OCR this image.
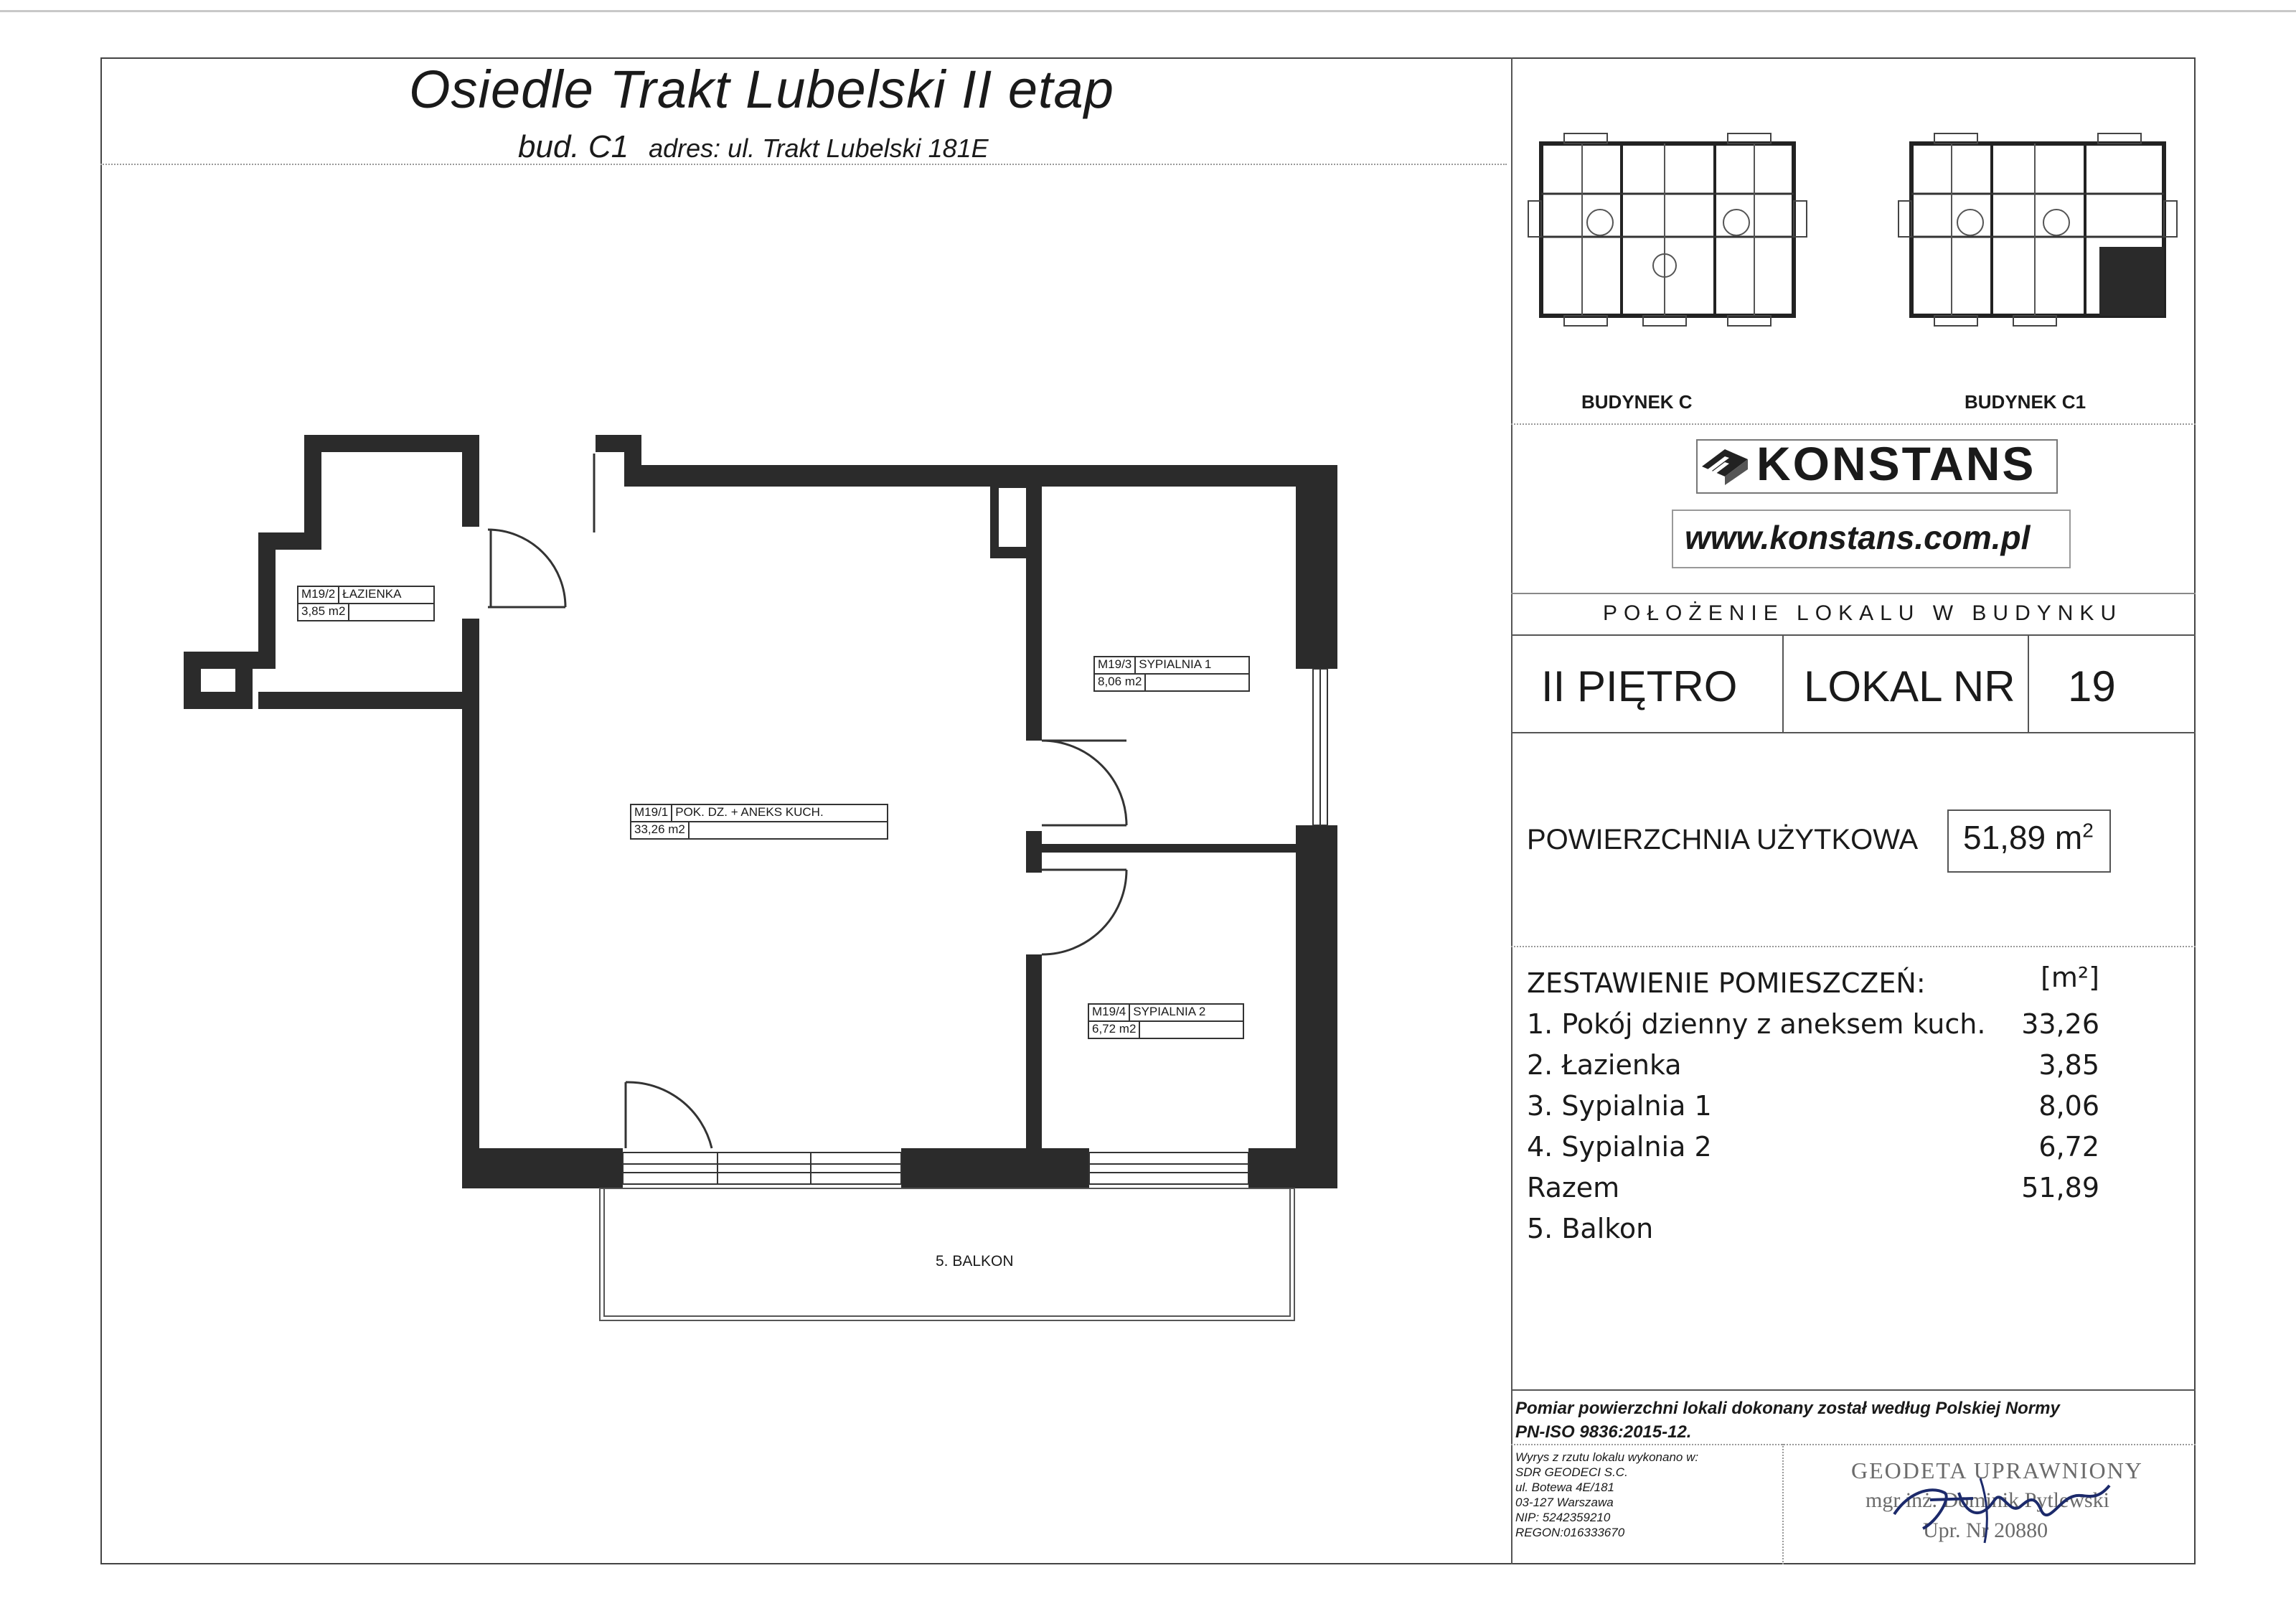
Osiedle Trakt Lubelski II etap
bud. C1 adres: ul. Trakt Lubelski 181E
BUDYNEK C	BUDYNEK C1
KONSTANS
www.konstans.com.pl
POŁOŻENIE LOKALU W BUDYNKU
II PIĘTRO LOKAL NR 19
POWIERZCHNIA UŻYTKOWA 51,89 $m^2$
ZESTAWIENIE POMIESZCZEŃ:	[m²]
1. Pokój dzienny z aneksem kuch.	33,26
2. Łazienka	3,85
3. Sypialnia 1	8,06
4. Sypialnia 2	6,72
Razem	51,89
5. Balkon
Pomiar powierzchni lokali dokonany został według Polskiej Normy
PN-ISO 9836:2015-12.
Wyrys z rzutu lokalu wykonano w:
SDR GEODECI S.C.
ul. Botewa 4E/181
03-127 Warszawa
NIP: 5242359210
REGON:016333670
GEODETA UPRAWNIONY
mgr inż. Dominik Pytlewski
Upr. Nr 20880
M19/2 ŁAZIENKA
3,85 m2
M19/3 SYPIALNIA 1
8,06 m2
M19/1 POK. DZ. + ANEKS KUCH.
33,26 m2
M19/4 SYPIALNIA 2
6,72 m2
5. BALKON
